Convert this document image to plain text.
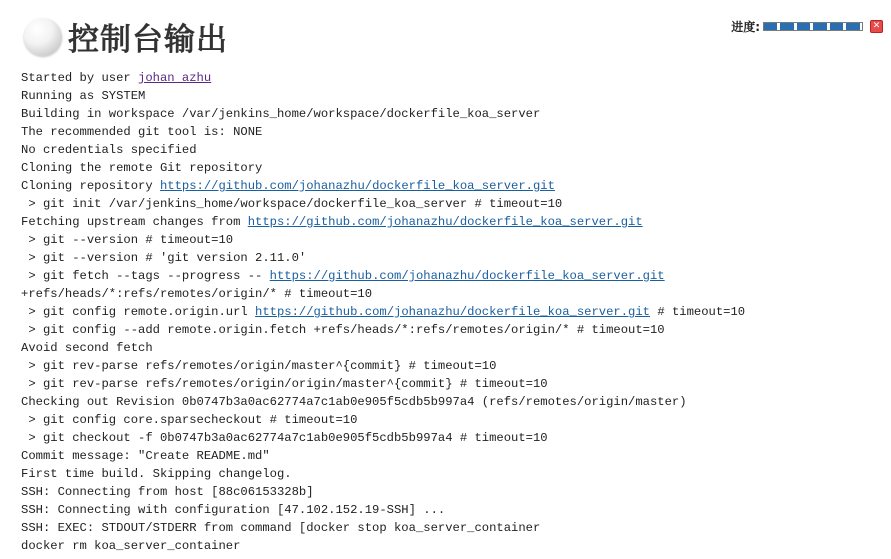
控制台输出	进度:	✕
Started by user johan azhu
Running as SYSTEM
Building in workspace /var/jenkins_home/workspace/dockerfile_koa_server
The recommended git tool is: NONE
No credentials specified
Cloning the remote Git repository
Cloning repository https://github.com/johanazhu/dockerfile_koa_server.git
> git init /var/jenkins_home/workspace/dockerfile_koa_server # timeout=10
Fetching upstream changes from https://github.com/johanazhu/dockerfile_koa_server.git
> git --version # timeout=10
> git --version # 'git version 2.11.0'
> git fetch --tags --progress -- https://github.com/johanazhu/dockerfile_koa_server.git
+refs/heads/*:refs/remotes/origin/* # timeout=10
> git config remote.origin.url https://github.com/johanazhu/dockerfile_koa_server.git # timeout=10
> git config --add remote.origin.fetch +refs/heads/*:refs/remotes/origin/* # timeout=10
Avoid second fetch
> git rev-parse refs/remotes/origin/master^{commit} # timeout=10
> git rev-parse refs/remotes/origin/origin/master^{commit} # timeout=10
Checking out Revision 0b0747b3a0ac62774a7c1ab0e905f5cdb5b997a4 (refs/remotes/origin/master)
> git config core.sparsecheckout # timeout=10
> git checkout -f 0b0747b3a0ac62774a7c1ab0e905f5cdb5b997a4 # timeout=10
Commit message: "Create README.md"
First time build. Skipping changelog.
SSH: Connecting from host [88c06153328b]
SSH: Connecting with configuration [47.102.152.19-SSH] ...
SSH: EXEC: STDOUT/STDERR from command [docker stop koa_server_container
docker rm koa_server_container
